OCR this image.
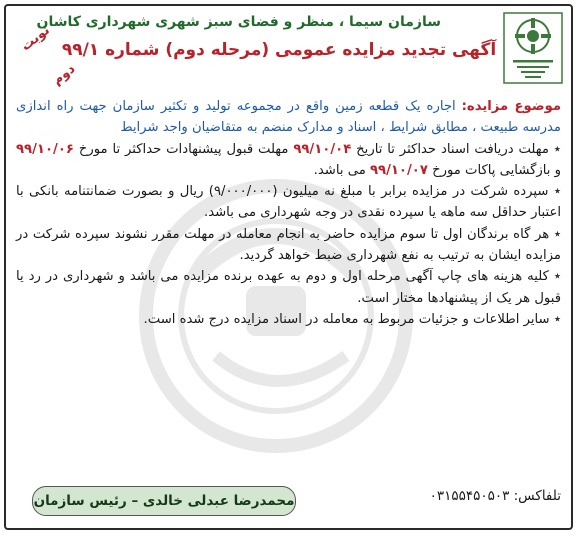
سازمان سیما ، منظر و فضای سبز شهری شهرداری کاشان
آگهی تجدید مزایده عمومی (مرحله دوم) شماره ۹۹/۱
نوبت دوم

موضوع مزایده: اجاره یک قطعه زمین واقع در مجموعه تولید و تکثیر سازمان جهت راه اندازی مدرسه طبیعت ، مطابق شرایط ، اسناد و مدارک منضم به متقاضیان واجد شرایط

٭ مهلت دریافت اسناد حداکثر تا تاریخ ۹۹/۱۰/۰۴ مهلت قبول پیشنهادات حداکثر تا مورخ ۹۹/۱۰/۰۶ و بازگشایی پاکات مورخ ۹۹/۱۰/۰۷ می باشد.

٭ سپرده شرکت در مزایده برابر با مبلغ نه میلیون (۹/۰۰۰/۰۰۰) ریال و بصورت ضمانتنامه بانکی با اعتبار حداقل سه ماهه یا سپرده نقدی در وجه شهرداری می باشد.

٭ هر گاه برندگان اول تا سوم مزایده حاضر به انجام معامله در مهلت مقرر نشوند سپرده شرکت در مزایده ایشان به ترتیب به نفع شهرداری ضبط خواهد گردید.

٭ کلیه هزینه های چاپ آگهی مرحله اول و دوم به عهده برنده مزایده می باشد و شهرداری در رد یا قبول هر یک از پیشنهادها مختار است.

٭ سایر اطلاعات و جزئیات مربوط به معامله در اسناد مزایده درج شده است.

تلفاکس: ۰۳۱۵۵۴۵۰۵۰۳
محمدرضا عبدلی خالدی – رئیس سازمان
